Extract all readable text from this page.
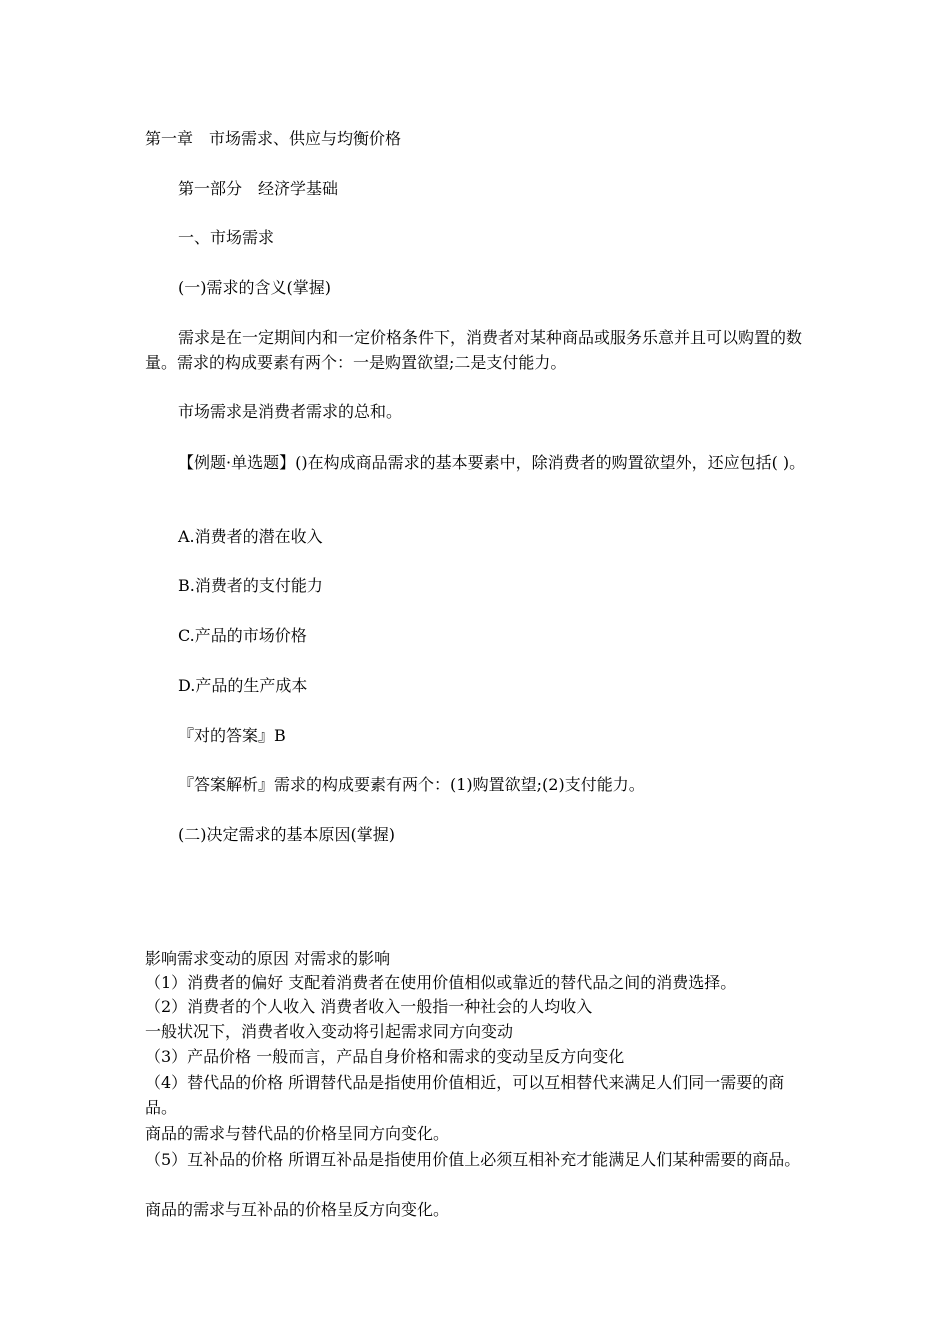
第一章　市场需求、供应与均衡价格
第一部分　经济学基础
一、市场需求
(一)需求的含义(掌握)
需求是在一定期间内和一定价格条件下，消费者对某种商品或服务乐意并且可以购置的数量。需求的构成要素有两个：一是购置欲望;二是支付能力。
市场需求是消费者需求的总和。
【例题·单选题】()在构成商品需求的基本要素中，除消费者的购置欲望外，还应包括( )。
A.消费者的潜在收入
B.消费者的支付能力
C.产品的市场价格
D.产品的生产成本
『对的答案』B
『答案解析』需求的构成要素有两个：(1)购置欲望;(2)支付能力。
(二)决定需求的基本原因(掌握)
影响需求变动的原因 对需求的影响
（1）消费者的偏好 支配着消费者在使用价值相似或靠近的替代品之间的消费选择。
（2）消费者的个人收入 消费者收入一般指一种社会的人均收入
一般状况下，消费者收入变动将引起需求同方向变动
（3）产品价格 一般而言，产品自身价格和需求的变动呈反方向变化
（4）替代品的价格 所谓替代品是指使用价值相近，可以互相替代来满足人们同一需要的商品。
商品的需求与替代品的价格呈同方向变化。
（5）互补品的价格 所谓互补品是指使用价值上必须互相补充才能满足人们某种需要的商品。
商品的需求与互补品的价格呈反方向变化。
